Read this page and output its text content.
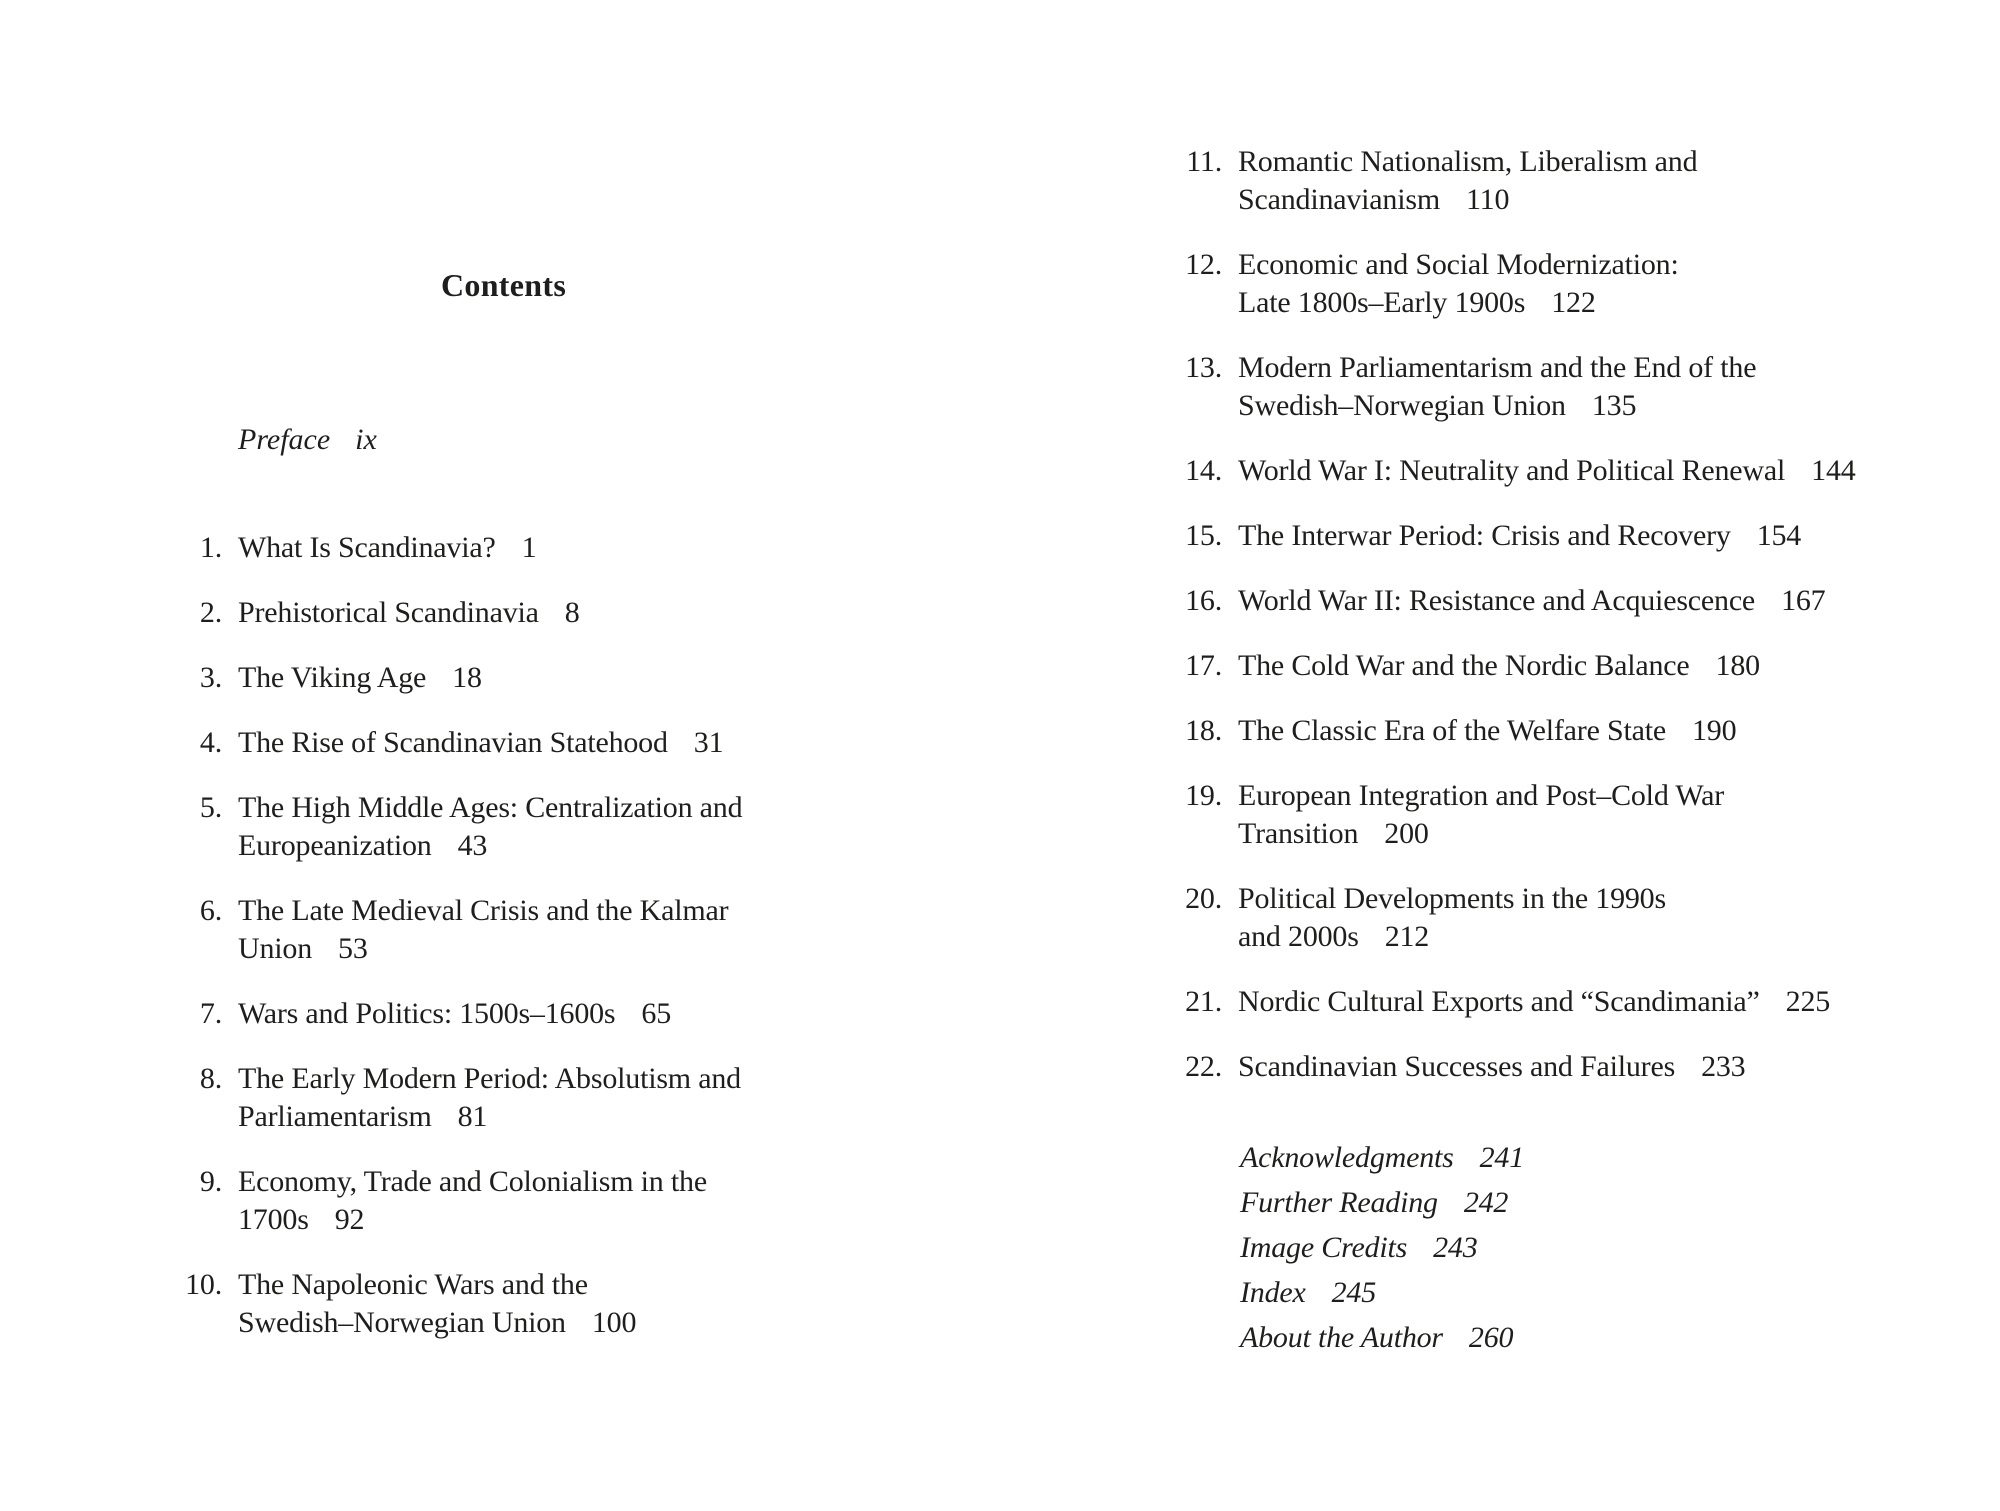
Contents
Preface ix
1. What Is Scandinavia? 1
2. Prehistorical Scandinavia 8
3. The Viking Age 18
4. The Rise of Scandinavian Statehood 31
5. The High Middle Ages: Centralization and
Europeanization 43
6. The Late Medieval Crisis and the Kalmar
Union 53
7. Wars and Politics: 1500s–1600s 65
8. The Early Modern Period: Absolutism and
Parliamentarism 81
9. Economy, Trade and Colonialism in the
1700s 92
10. The Napoleonic Wars and the
Swedish–Norwegian Union 100
11. Romantic Nationalism, Liberalism and
Scandinavianism 110
12. Economic and Social Modernization:
Late 1800s–Early 1900s 122
13. Modern Parliamentarism and the End of the
Swedish–Norwegian Union 135
14. World War I: Neutrality and Political Renewal 144
15. The Interwar Period: Crisis and Recovery 154
16. World War II: Resistance and Acquiescence 167
17. The Cold War and the Nordic Balance 180
18. The Classic Era of the Welfare State 190
19. European Integration and Post–Cold War
Transition 200
20. Political Developments in the 1990s
and 2000s 212
21. Nordic Cultural Exports and “Scandimania” 225
22. Scandinavian Successes and Failures 233
Acknowledgments 241
Further Reading 242
Image Credits 243
Index 245
About the Author 260
